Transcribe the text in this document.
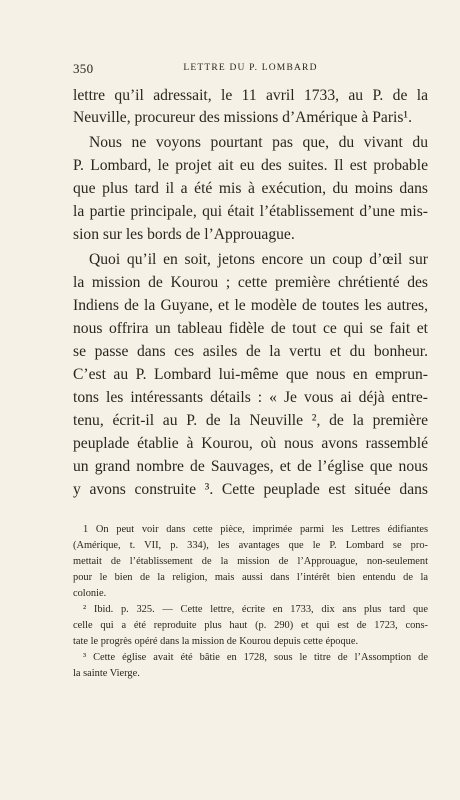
350	LETTRE DU P. LOMBARD
lettre qu’il adressait, le 11 avril 1733, au P. de la
Neuville, procureur des missions d’Amérique à Paris¹.
Nous ne voyons pourtant pas que, du vivant du
P. Lombard, le projet ait eu des suites. Il est probable
que plus tard il a été mis à exécution, du moins dans
la partie principale, qui était l’établissement d’une mis-
sion sur les bords de l’Approuague.
Quoi qu’il en soit, jetons encore un coup d’œil sur
la mission de Kourou ; cette première chrétienté des
Indiens de la Guyane, et le modèle de toutes les autres,
nous offrira un tableau fidèle de tout ce qui se fait et
se passe dans ces asiles de la vertu et du bonheur.
C’est au P. Lombard lui-même que nous en emprun-
tons les intéressants détails : « Je vous ai déjà entre-
tenu, écrit-il au P. de la Neuville ², de la première
peuplade établie à Kourou, où nous avons rassemblé
un grand nombre de Sauvages, et de l’église que nous
y avons construite ³. Cette peuplade est située dans
1 On peut voir dans cette pièce, imprimée parmi les Lettres édifiantes
(Amérique, t. VII, p. 334), les avantages que le P. Lombard se pro-
mettait de l’établissement de la mission de l’Approuague, non-seulement
pour le bien de la religion, mais aussi dans l’intérêt bien entendu de la
colonie.
² Ibid. p. 325. — Cette lettre, écrite en 1733, dix ans plus tard que
celle qui a été reproduite plus haut (p. 290) et qui est de 1723, cons-
tate le progrès opéré dans la mission de Kourou depuis cette époque.
³ Cette église avait été bâtie en 1728, sous le titre de l’Assomption de
la sainte Vierge.
